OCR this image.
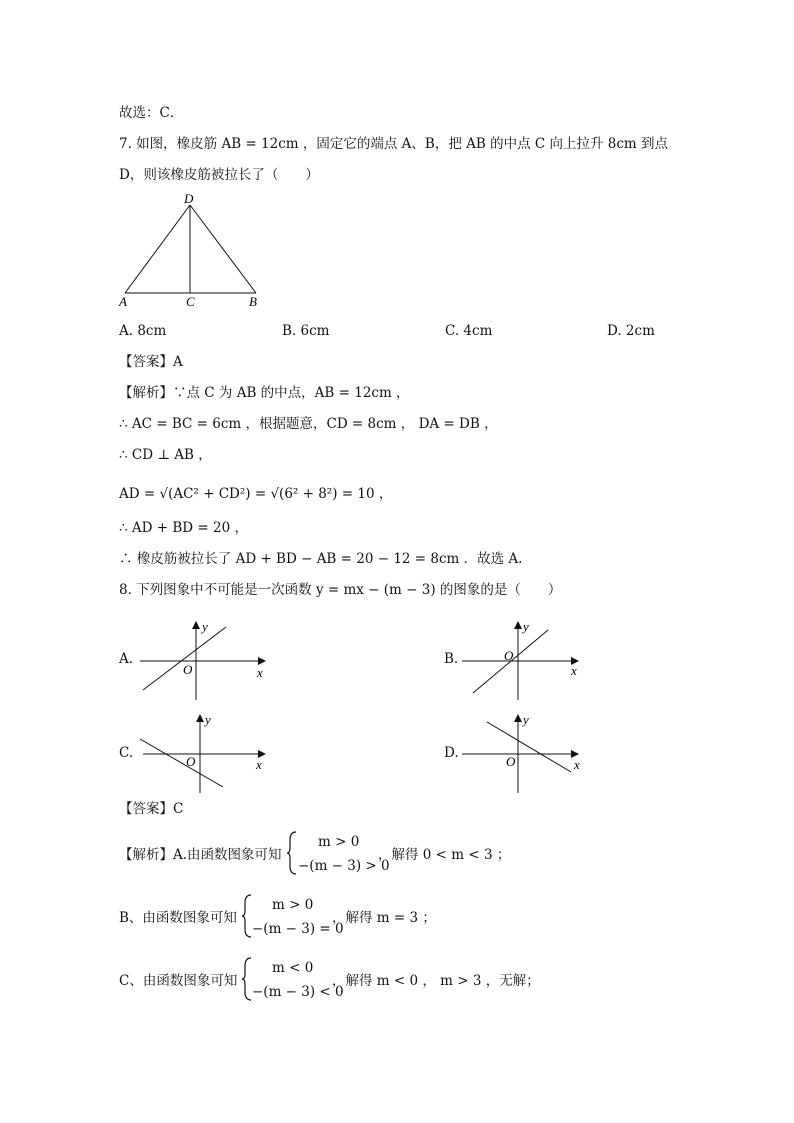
故选：C．
7. 如图，橡皮筋 AB = 12cm ，固定它的端点 A、B，把 AB 的中点 C 向上拉升 8cm 到点
D，则该橡皮筋被拉长了（　　）
D
A	C	B
A. 8cm	B. 6cm	C. 4cm	D. 2cm
【答案】A
【解析】∵点 C 为 AB 的中点，AB = 12cm ，
∴ AC = BC = 6cm ，根据题意，CD = 8cm ， DA = DB ，
∴ CD ⊥ AB ，
AD = √(AC² + CD²) = √(6² + 8²) = 10 ，
∴ AD + BD = 20 ，
∴ 橡皮筋被拉长了 AD + BD − AB = 20 − 12 = 8cm ．故选 A.
8. 下列图象中不可能是一次函数 y = mx − (m − 3) 的图象的是（　　）
A.
O	x
y
B.	O
x
y
C.
O	x
y
D.
O	x
y
【答案】C
【解析】A.由函数图象可知
m > 0
−(m − 3) > 0
，解得 0 < m < 3 ；
B、由函数图象可知
m > 0
−(m − 3) = 0
，解得 m = 3 ；
C、由函数图象可知
m < 0
−(m − 3) < 0
，解得 m < 0 ， m > 3 ，无解；
